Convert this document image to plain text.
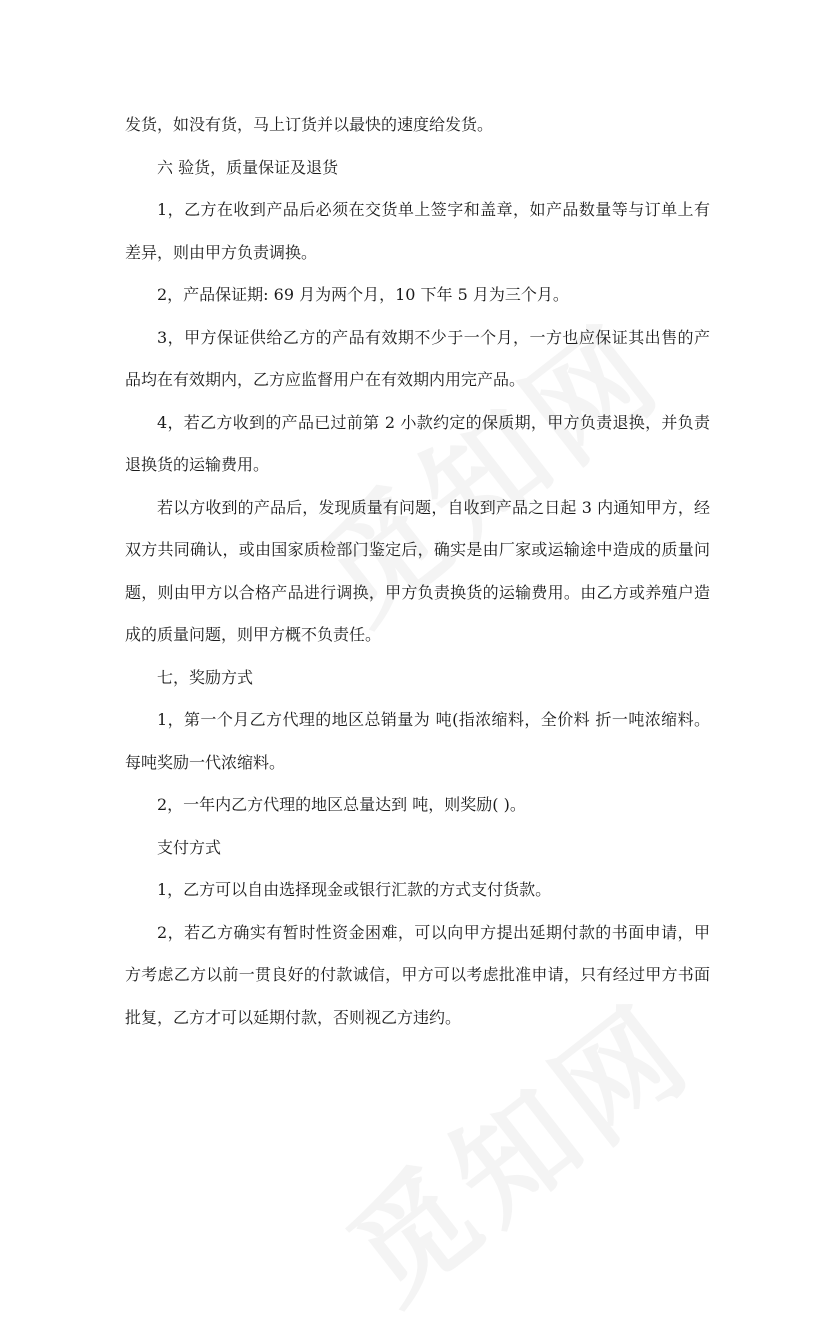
发货，如没有货，马上订货并以最快的速度给发货。

六 验货，质量保证及退货

1，乙方在收到产品后必须在交货单上签字和盖章，如产品数量等与订单上有差异，则由甲方负责调换。

2，产品保证期: 69 月为两个月，10 下年 5 月为三个月。

3，甲方保证供给乙方的产品有效期不少于一个月，一方也应保证其出售的产品均在有效期内，乙方应监督用户在有效期内用完产品。

4，若乙方收到的产品已过前第 2 小款约定的保质期，甲方负责退换，并负责退换货的运输费用。

若以方收到的产品后，发现质量有问题，自收到产品之日起 3 内通知甲方，经双方共同确认，或由国家质检部门鉴定后，确实是由厂家或运输途中造成的质量问题，则由甲方以合格产品进行调换，甲方负责换货的运输费用。由乙方或养殖户造成的质量问题，则甲方概不负责任。

七，奖励方式

1，第一个月乙方代理的地区总销量为 吨(指浓缩料，全价料 折一吨浓缩料。每吨奖励一代浓缩料。

2，一年内乙方代理的地区总量达到 吨，则奖励( )。

支付方式

1，乙方可以自由选择现金或银行汇款的方式支付货款。

2，若乙方确实有暂时性资金困难，可以向甲方提出延期付款的书面申请，甲方考虑乙方以前一贯良好的付款诚信，甲方可以考虑批准申请，只有经过甲方书面批复，乙方才可以延期付款，否则视乙方违约。
